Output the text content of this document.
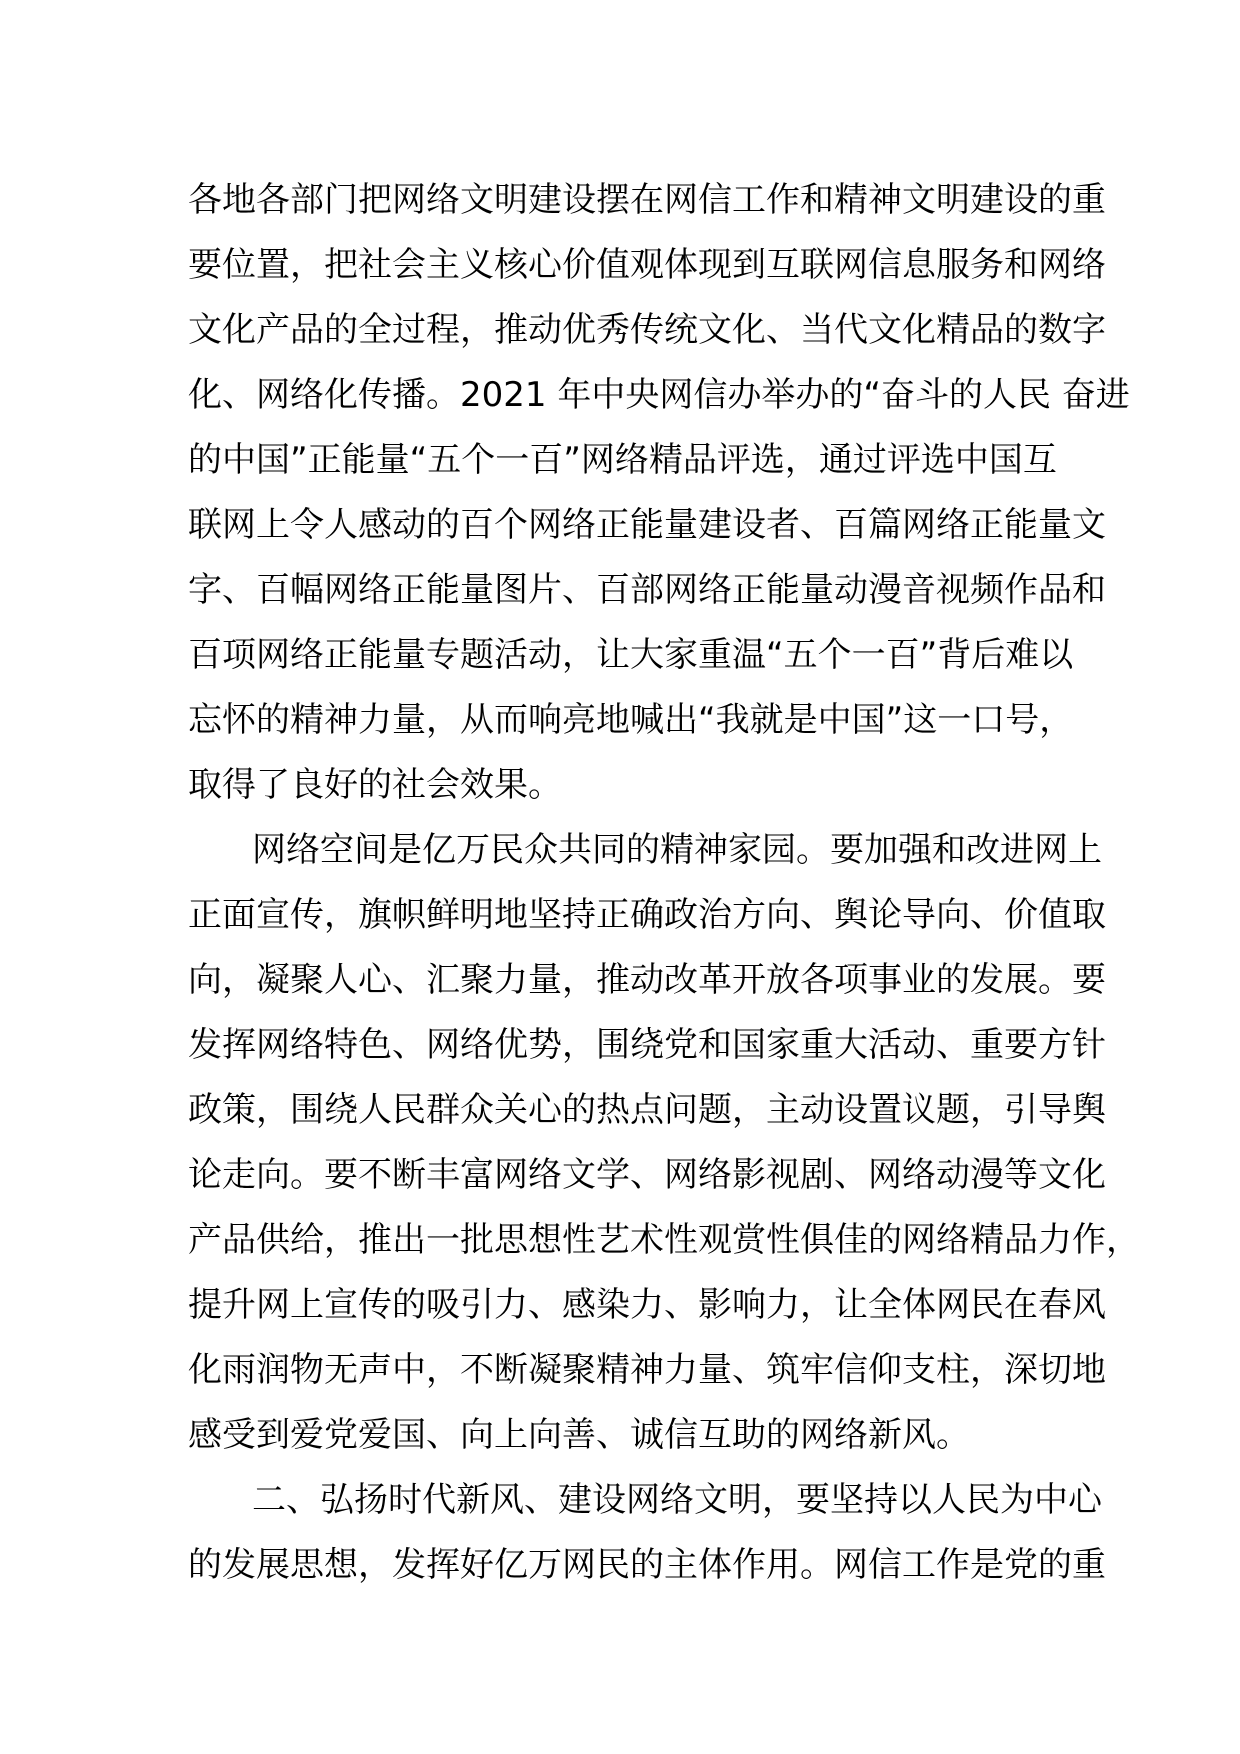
各地各部门把网络文明建设摆在网信工作和精神文明建设的重
要位置，把社会主义核心价值观体现到互联网信息服务和网络
文化产品的全过程，推动优秀传统文化、当代文化精品的数字
化、网络化传播。2021 年中央网信办举办的“奋斗的人民 奋进
的中国”正能量“五个一百”网络精品评选，通过评选中国互
联网上令人感动的百个网络正能量建设者、百篇网络正能量文
字、百幅网络正能量图片、百部网络正能量动漫音视频作品和
百项网络正能量专题活动，让大家重温“五个一百”背后难以
忘怀的精神力量，从而响亮地喊出“我就是中国”这一口号，
取得了良好的社会效果。
网络空间是亿万民众共同的精神家园。要加强和改进网上
正面宣传，旗帜鲜明地坚持正确政治方向、舆论导向、价值取
向，凝聚人心、汇聚力量，推动改革开放各项事业的发展。要
发挥网络特色、网络优势，围绕党和国家重大活动、重要方针
政策，围绕人民群众关心的热点问题，主动设置议题，引导舆
论走向。要不断丰富网络文学、网络影视剧、网络动漫等文化
产品供给，推出一批思想性艺术性观赏性俱佳的网络精品力作，
提升网上宣传的吸引力、感染力、影响力，让全体网民在春风
化雨润物无声中，不断凝聚精神力量、筑牢信仰支柱，深切地
感受到爱党爱国、向上向善、诚信互助的网络新风。
二、弘扬时代新风、建设网络文明，要坚持以人民为中心
的发展思想，发挥好亿万网民的主体作用。网信工作是党的重
